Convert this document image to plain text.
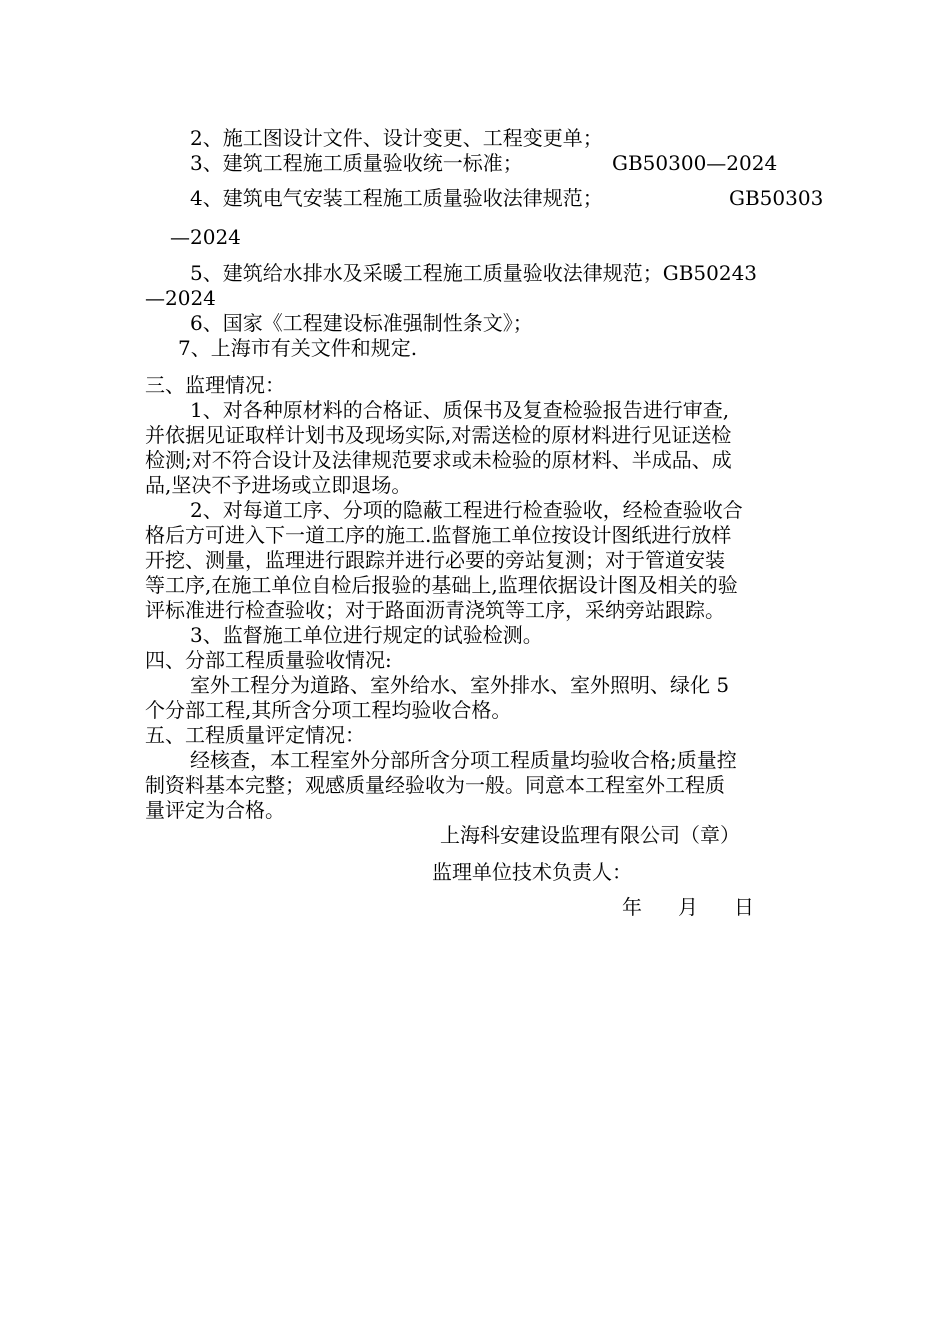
2、施工图设计文件、设计变更、工程变更单；
3、建筑工程施工质量验收统一标准；	GB50300—2024
4、建筑电气安装工程施工质量验收法律规范；	GB50303
—2024
5、建筑给水排水及采暖工程施工质量验收法律规范；GB50243
—2024
6、国家《工程建设标准强制性条文》；
7、上海市有关文件和规定.
三、监理情况：
1、对各种原材料的合格证、质保书及复查检验报告进行审查,
并依据见证取样计划书及现场实际,对需送检的原材料进行见证送检
检测;对不符合设计及法律规范要求或未检验的原材料、半成品、成
品,坚决不予进场或立即退场。
2、对每道工序、分项的隐蔽工程进行检查验收，经检查验收合
格后方可进入下一道工序的施工.监督施工单位按设计图纸进行放样
开挖、测量，监理进行跟踪并进行必要的旁站复测；对于管道安装
等工序,在施工单位自检后报验的基础上,监理依据设计图及相关的验
评标准进行检查验收；对于路面沥青浇筑等工序，采纳旁站跟踪。
3、监督施工单位进行规定的试验检测。
四、分部工程质量验收情况:
室外工程分为道路、室外给水、室外排水、室外照明、绿化 5
个分部工程,其所含分项工程均验收合格。
五、工程质量评定情况：
经核查，本工程室外分部所含分项工程质量均验收合格;质量控
制资料基本完整；观感质量经验收为一般。同意本工程室外工程质
量评定为合格。
上海科安建设监理有限公司（章）
监理单位技术负责人：
年 月 日
